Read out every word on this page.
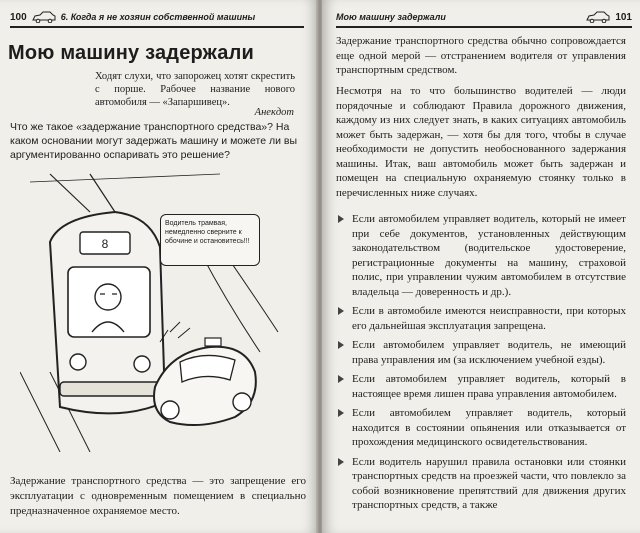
100	6. Когда я не хозяин собственной машины
Мою машину задержали
Ходят слухи, что запорожец хотят скрестить с порше. Рабочее название нового автомобиля — «Запаршивец».
Анекдот
Что же такое «задержание транспортного средства»? На каком основании могут задержать машину и можете ли вы аргументированно оспаривать это решение?
8
Водитель трамвая, немедленно сверните к обочине и остановитесь!!!
Задержание транспортного средства — это запрещение его эксплуатации с одновременным помещением в специально предназначенное охраняемое место.
Мою машину задержали	101
Задержание транспортного средства обычно сопровождается еще одной мерой — отстранением водителя от управления транспортным средством.
Несмотря на то что большинство водителей — люди порядочные и соблюдают Правила дорожного движения, каждому из них следует знать, в каких ситуациях автомобиль может быть задержан, — хотя бы для того, чтобы в случае необходимости не допустить необоснованного задержания машины. Итак, ваш автомобиль может быть задержан и помещен на специальную охраняемую стоянку только в перечисленных ниже случаях.
Если автомобилем управляет водитель, который не имеет при себе документов, установленных действующим законодательством (водительское удостоверение, регистрационные документы на машину, страховой полис, при управлении чужим автомобилем в отсутствие владельца — доверенность и др.).
Если в автомобиле имеются неисправности, при которых его дальнейшая эксплуатация запрещена.
Если автомобилем управляет водитель, не имеющий права управления им (за исключением учебной езды).
Если автомобилем управляет водитель, который в настоящее время лишен права управления автомобилем.
Если автомобилем управляет водитель, который находится в состоянии опьянения или отказывается от прохождения медицинского освидетельствования.
Если водитель нарушил правила остановки или стоянки транспортных средств на проезжей части, что повлекло за собой возникновение препятствий для движения других транспортных средств, а также
